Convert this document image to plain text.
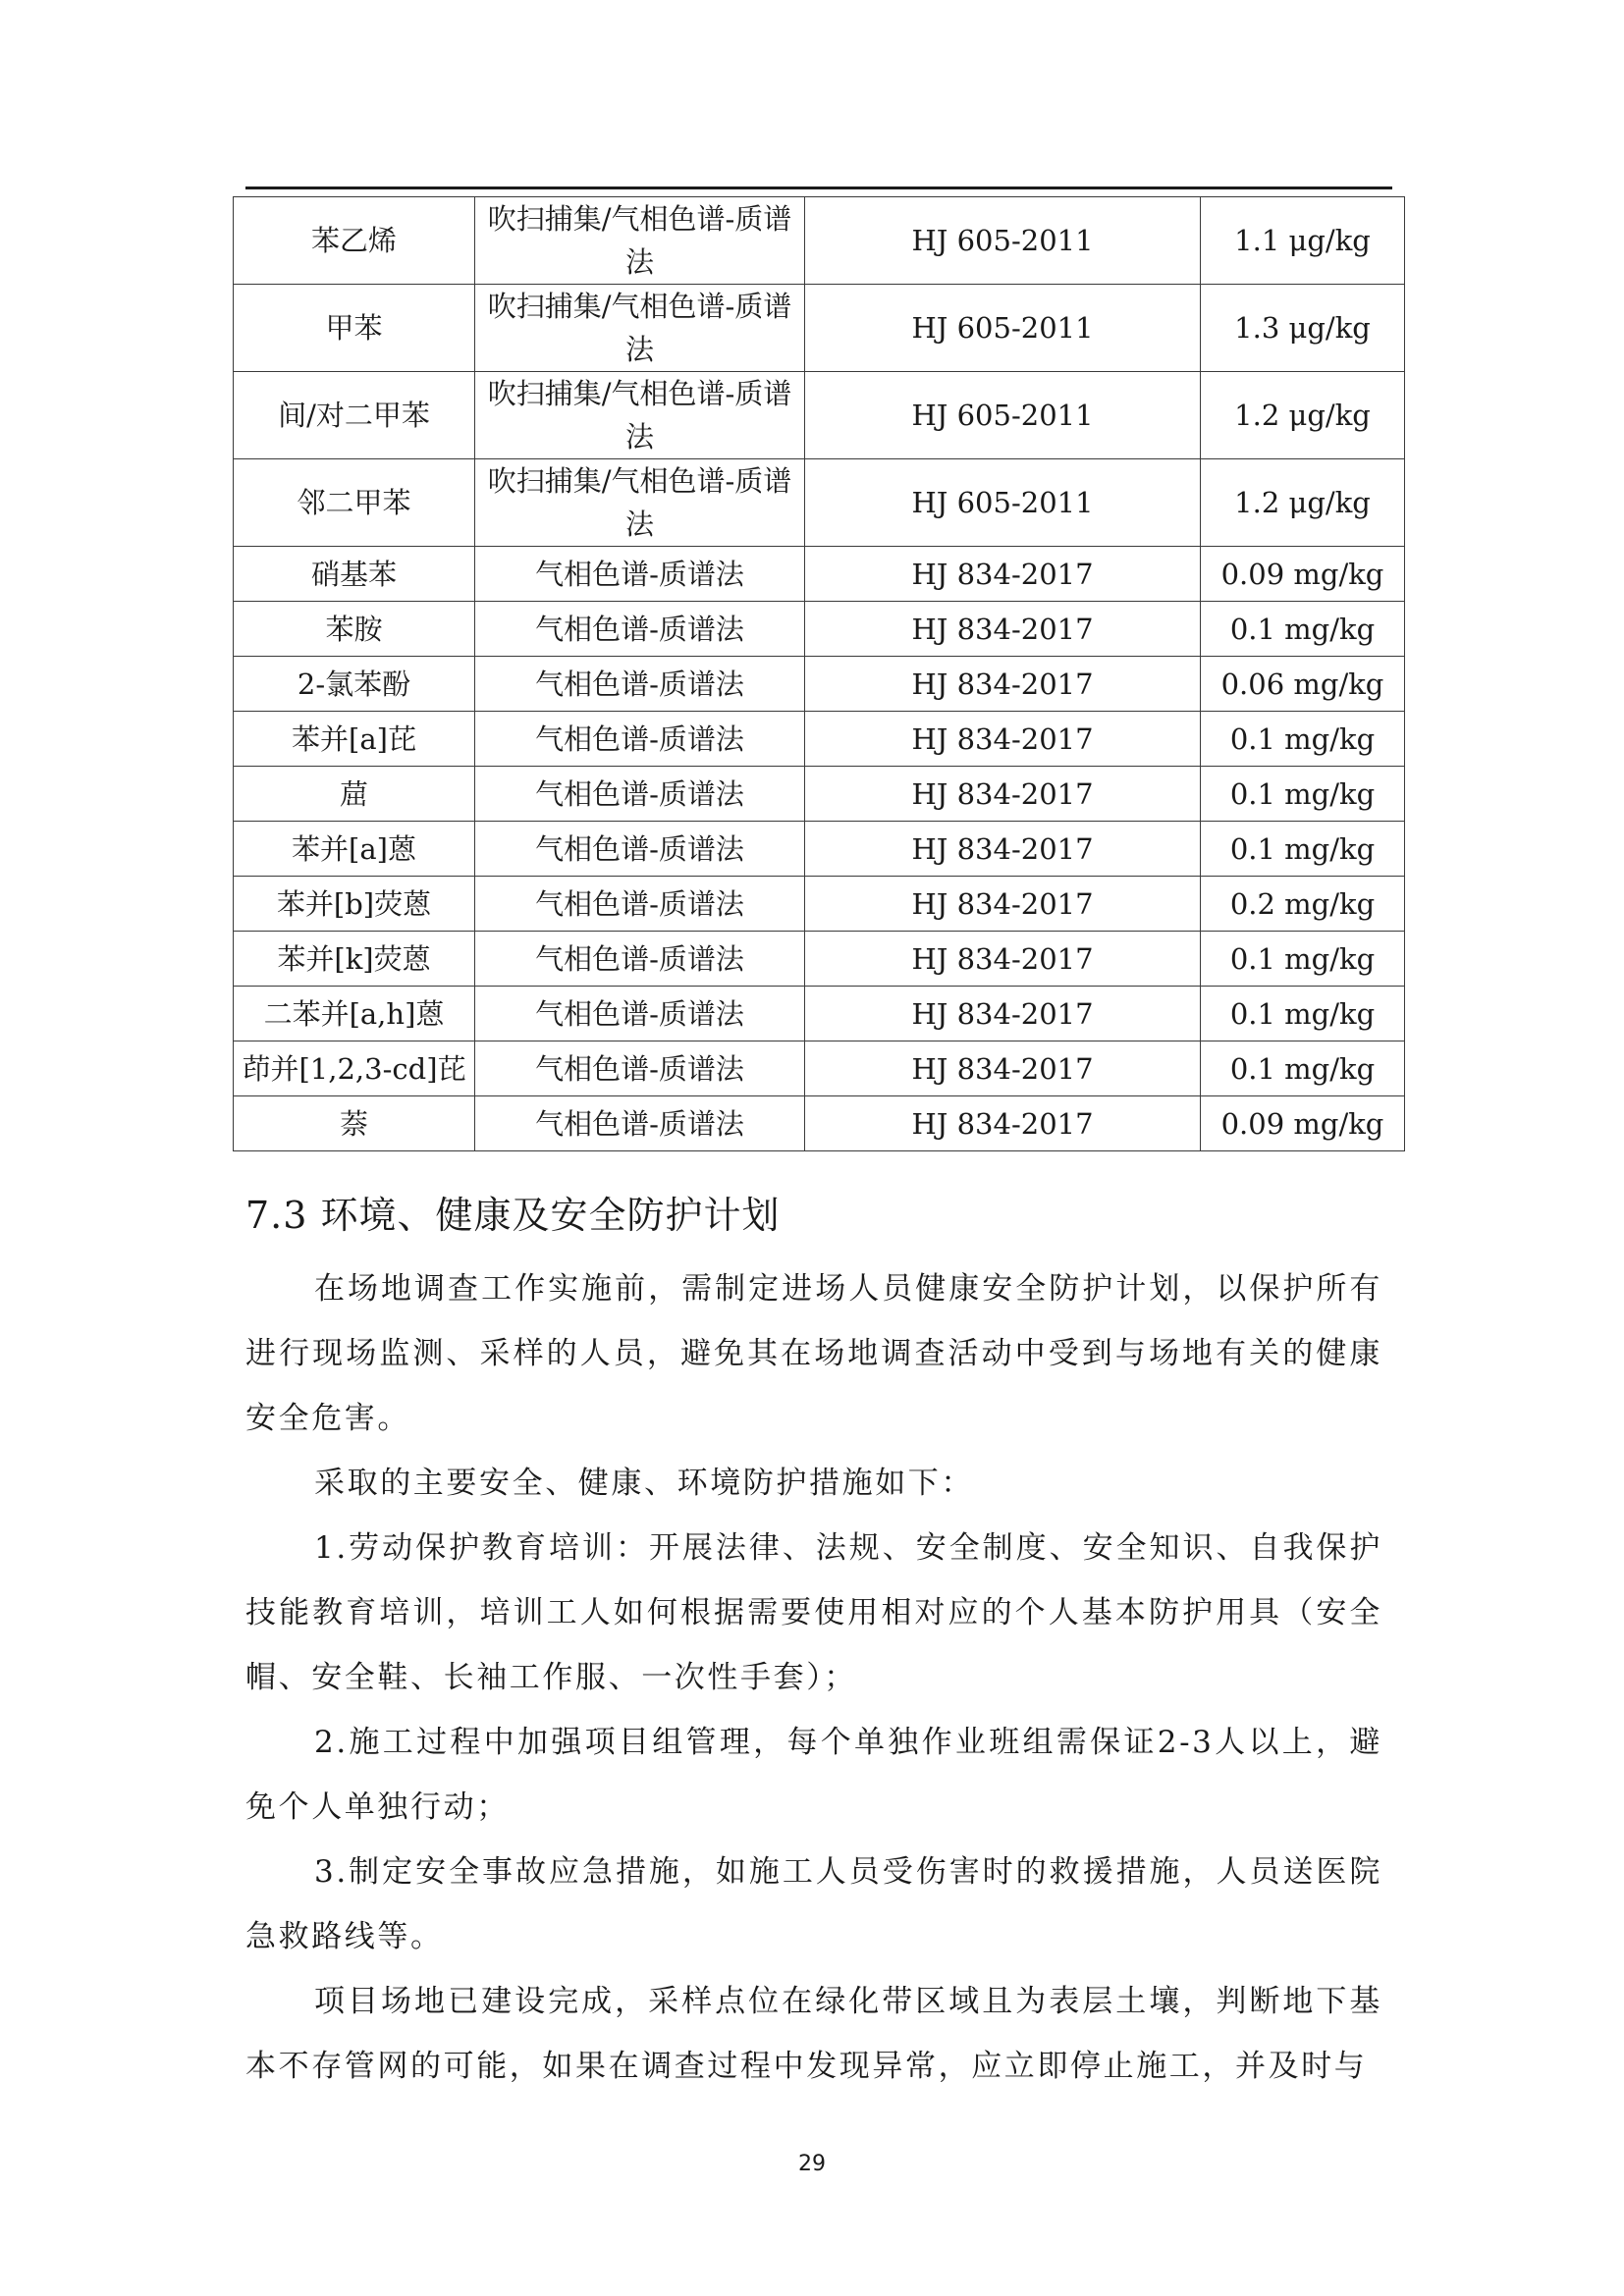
苯乙烯	吹扫捕集/气相色谱-质谱法	HJ 605-2011	1.1 μg/kg
甲苯	吹扫捕集/气相色谱-质谱法	HJ 605-2011	1.3 μg/kg
间/对二甲苯	吹扫捕集/气相色谱-质谱法	HJ 605-2011	1.2 μg/kg
邻二甲苯	吹扫捕集/气相色谱-质谱法	HJ 605-2011	1.2 μg/kg
硝基苯	气相色谱-质谱法	HJ 834-2017	0.09 mg/kg
苯胺	气相色谱-质谱法	HJ 834-2017	0.1 mg/kg
2-氯苯酚	气相色谱-质谱法	HJ 834-2017	0.06 mg/kg
苯并[a]芘	气相色谱-质谱法	HJ 834-2017	0.1 mg/kg
䓛	气相色谱-质谱法	HJ 834-2017	0.1 mg/kg
苯并[a]蒽	气相色谱-质谱法	HJ 834-2017	0.1 mg/kg
苯并[b]荧蒽	气相色谱-质谱法	HJ 834-2017	0.2 mg/kg
苯并[k]荧蒽	气相色谱-质谱法	HJ 834-2017	0.1 mg/kg
二苯并[a,h]蒽	气相色谱-质谱法	HJ 834-2017	0.1 mg/kg
茚并[1,2,3-cd]芘	气相色谱-质谱法	HJ 834-2017	0.1 mg/kg
萘	气相色谱-质谱法	HJ 834-2017	0.09 mg/kg
7.3 环境、健康及安全防护计划

在场地调查工作实施前，需制定进场人员健康安全防护计划，以保护所有进行现场监测、采样的人员，避免其在场地调查活动中受到与场地有关的健康安全危害。

采取的主要安全、健康、环境防护措施如下：

1.劳动保护教育培训：开展法律、法规、安全制度、安全知识、自我保护技能教育培训，培训工人如何根据需要使用相对应的个人基本防护用具（安全帽、安全鞋、长袖工作服、一次性手套）；

2.施工过程中加强项目组管理，每个单独作业班组需保证2-3人以上，避免个人单独行动；

3.制定安全事故应急措施，如施工人员受伤害时的救援措施，人员送医院急救路线等。

项目场地已建设完成，采样点位在绿化带区域且为表层土壤，判断地下基本不存管网的可能，如果在调查过程中发现异常，应立即停止施工，并及时与

29
